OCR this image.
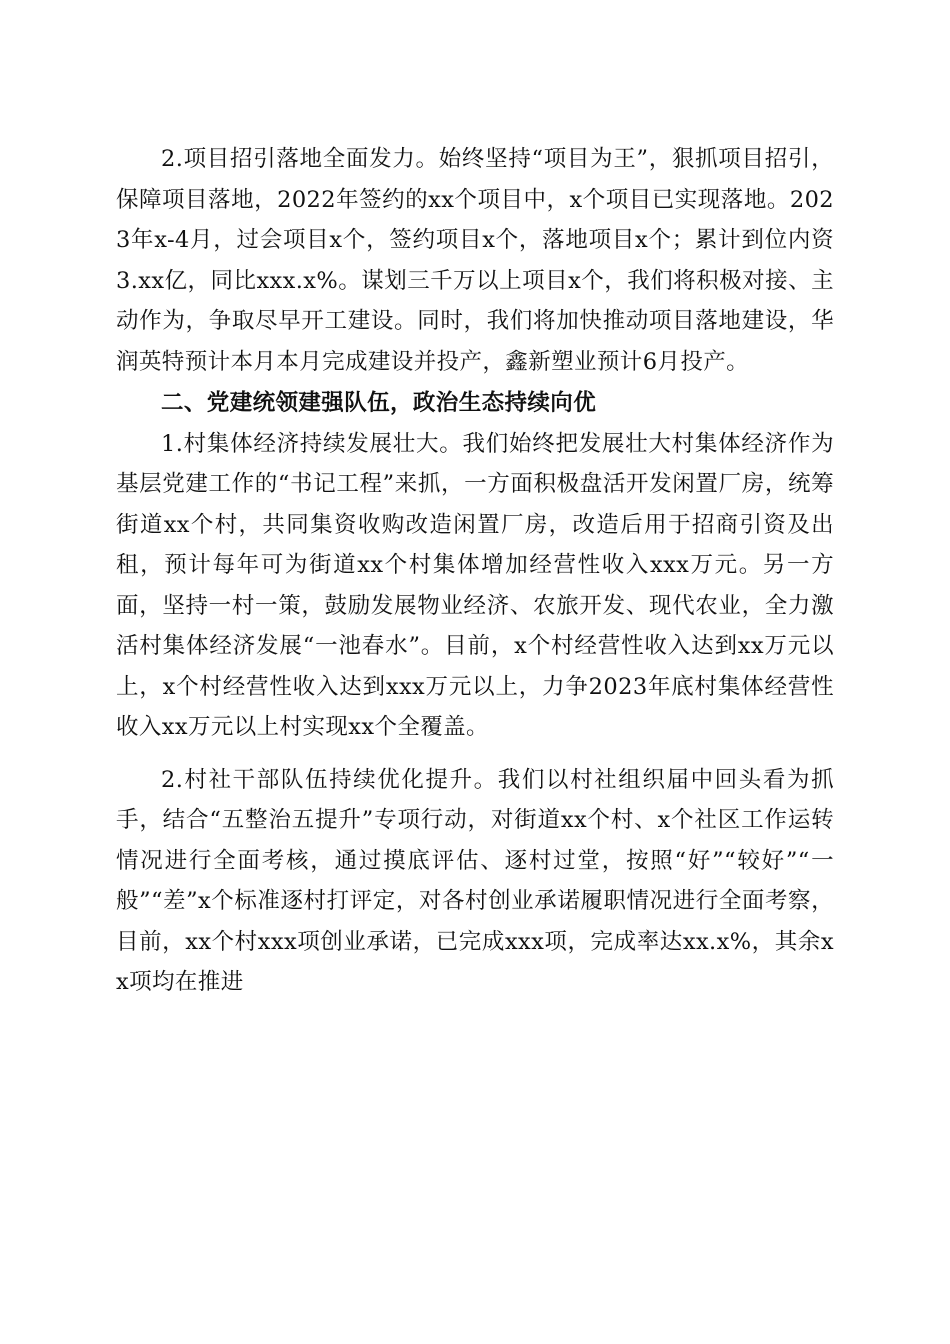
2.项目招引落地全面发力。始终坚持“项目为王”，狠抓项目招引，保障项目落地，2022年签约的xx个项目中，x个项目已实现落地。2023年x-4月，过会项目x个，签约项目x个，落地项目x个；累计到位内资3.xx亿，同比xxx.x%。谋划三千万以上项目x个，我们将积极对接、主动作为，争取尽早开工建设。同时，我们将加快推动项目落地建设，华润英特预计本月本月完成建设并投产，鑫新塑业预计6月投产。

二、党建统领建强队伍，政治生态持续向优

1.村集体经济持续发展壮大。我们始终把发展壮大村集体经济作为基层党建工作的“书记工程”来抓，一方面积极盘活开发闲置厂房，统筹街道xx个村，共同集资收购改造闲置厂房，改造后用于招商引资及出租，预计每年可为街道xx个村集体增加经营性收入xxx万元。另一方面，坚持一村一策，鼓励发展物业经济、农旅开发、现代农业，全力激活村集体经济发展“一池春水”。目前，x个村经营性收入达到xx万元以上，x个村经营性收入达到xxx万元以上，力争2023年底村集体经营性收入xx万元以上村实现xx个全覆盖。

2.村社干部队伍持续优化提升。我们以村社组织届中回头看为抓手，结合“五整治五提升”专项行动，对街道xx个村、x个社区工作运转情况进行全面考核，通过摸底评估、逐村过堂，按照“好”“较好”“一般”“差”x个标准逐村打评定，对各村创业承诺履职情况进行全面考察，目前，xx个村xxx项创业承诺，已完成xxx项，完成率达xx.x%，其余xx项均在推进
